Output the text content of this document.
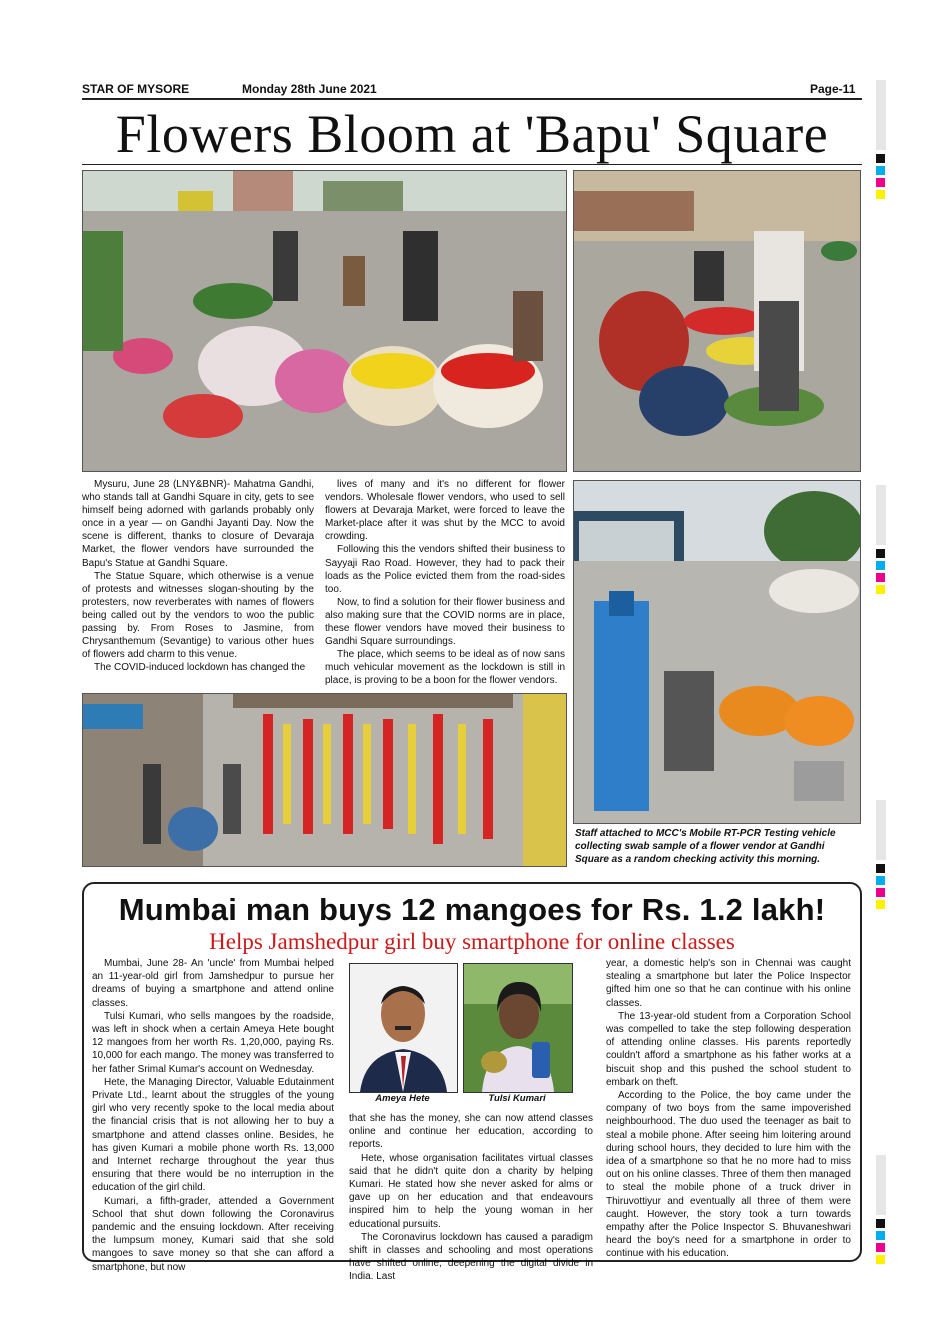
STAR OF MYSORE	Monday 28th June 2021	Page-11
Flowers Bloom at 'Bapu' Square

Mysuru, June 28 (LNY&BNR)- Mahatma Gandhi, who stands tall at Gandhi Square in city, gets to see himself being adorned with garlands probably only once in a year — on Gandhi Jayanti Day. Now the scene is different, thanks to closure of Devaraja Market, the flower vendors have surrounded the Bapu's Statue at Gandhi Square.

The Statue Square, which otherwise is a venue of protests and witnesses slogan-shouting by the protesters, now reverberates with names of flowers being called out by the vendors to woo the public passing by. From Roses to Jasmine, from Chrysanthemum (Sevantige) to various other hues of flowers add charm to this venue.

The COVID-induced lockdown has changed the

lives of many and it's no different for flower vendors. Wholesale flower vendors, who used to sell flowers at Devaraja Market, were forced to leave the Market-place after it was shut by the MCC to avoid crowding.

Following this the vendors shifted their business to Sayyaji Rao Road. However, they had to pack their loads as the Police evicted them from the road-sides too.

Now, to find a solution for their flower business and also making sure that the COVID norms are in place, these flower vendors have moved their business to Gandhi Square surroundings.

The place, which seems to be ideal as of now sans much vehicular movement as the lockdown is still in place, is proving to be a boon for the flower vendors.

Staff attached to MCC's Mobile RT-PCR Testing vehicle collecting swab sample of a flower vendor at Gandhi Square as a random checking activity this morning.
Mumbai man buys 12 mangoes for Rs. 1.2 lakh!
Helps Jamshedpur girl buy smartphone for online classes

Mumbai, June 28- An 'uncle' from Mumbai helped an 11-year-old girl from Jamshedpur to pursue her dreams of buying a smartphone and attend online classes.

Tulsi Kumari, who sells mangoes by the roadside, was left in shock when a certain Ameya Hete bought 12 mangoes from her worth Rs. 1,20,000, paying Rs. 10,000 for each mango. The money was transferred to her father Srimal Kumar's account on Wednesday.

Hete, the Managing Director, Valuable Edutainment Private Ltd., learnt about the struggles of the young girl who very recently spoke to the local media about the financial crisis that is not allowing her to buy a smartphone and attend classes online. Besides, he has given Kumari a mobile phone worth Rs. 13,000 and Internet recharge throughout the year thus ensuring that there would be no interruption in the education of the girl child.

Kumari, a fifth-grader, attended a Government School that shut down following the Coronavirus pandemic and the ensuing lockdown. After receiving the lumpsum money, Kumari said that she sold mangoes to save money so that she can afford a smartphone, but now

Ameya Hete	Tulsi Kumari

that she has the money, she can now attend classes online and continue her education, according to reports.

Hete, whose organisation facilitates virtual classes said that he didn't quite don a charity by helping Kumari. He stated how she never asked for alms or gave up on her education and that endeavours inspired him to help the young woman in her educational pursuits.

The Coronavirus lockdown has caused a paradigm shift in classes and schooling and most operations have shifted online, deepening the digital divide in India. Last

year, a domestic help's son in Chennai was caught stealing a smartphone but later the Police Inspector gifted him one so that he can continue with his online classes.

The 13-year-old student from a Corporation School was compelled to take the step following desperation of attending online classes. His parents reportedly couldn't afford a smartphone as his father works at a biscuit shop and this pushed the school student to embark on theft.

According to the Police, the boy came under the company of two boys from the same impoverished neighbourhood. The duo used the teenager as bait to steal a mobile phone. After seeing him loitering around during school hours, they decided to lure him with the idea of a smartphone so that he no more had to miss out on his online classes. Three of them then managed to steal the mobile phone of a truck driver in Thiruvottiyur and eventually all three of them were caught. However, the story took a turn towards empathy after the Police Inspector S. Bhuvaneshwari heard the boy's need for a smartphone in order to continue with his education.
